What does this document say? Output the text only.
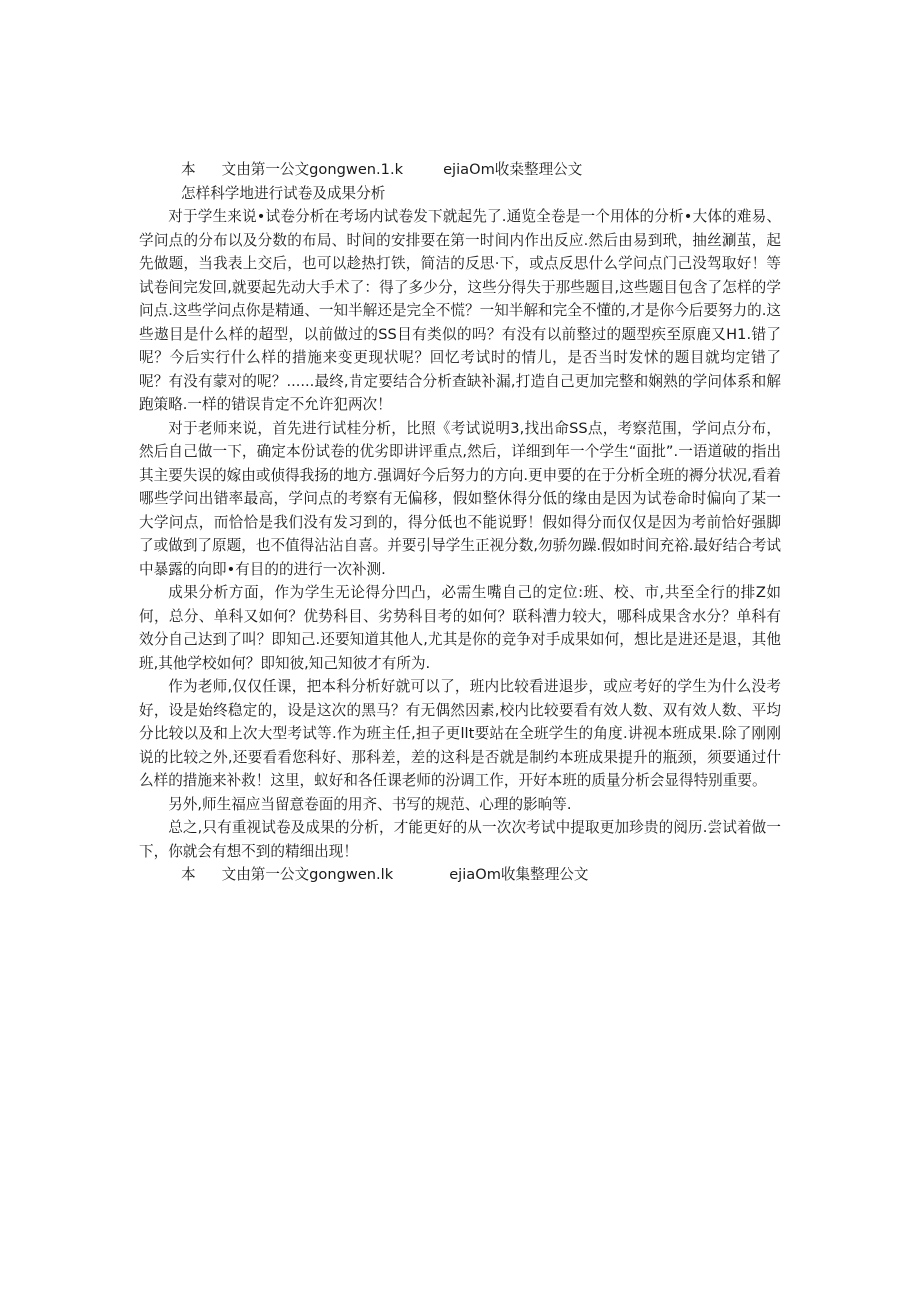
本 文由第一公文gongwen.1.k	ejiaOm收桒整理公文

怎样科学地进行试卷及成果分析

对于学生来说•试卷分析在考场内试卷发下就起先了.通览全卷是一个用体的分析•大体的难易、学问点的分布以及分数的布局、时间的安排要在第一时间内作出反应.然后由易到玳，抽丝涮茧，起先做题，当我表上交后，也可以趁热打铁，简洁的反思·下，或点反思什么学问点门己没驾取好！等试卷间完发回,就要起先动大手术了：得了多少分，这些分得失于那些题目,这些题目包含了怎样的学问点.这些学问点你是精通、一知半解还是完全不慌？一知半解和完全不懂的,才是你今后要努力的.这些遨目是什么样的超型，以前做过的SS目有类似的吗？有没有以前整过的题型疾至原鹿又H1.错了呢？今后实行什么样的措施来变更现状呢？回忆考试时的情儿，是否当时发怵的题目就均定错了呢？有没有蒙对的呢？......最终,肯定要结合分析查缺补漏,打造自己更加完整和娴熟的学问体系和解跑策略.一样的错误肯定不允许犯两次！

对于老师来说，首先进行试桂分析，比照《考试说明3,找出命SS点，考察范围，学问点分布，然后自己做一下，确定本份试卷的优劣即讲评重点,然后，详细到年一个学生“面批”.一语道破的指出其主要失误的嫁由或侦得我扬的地方.强调好今后努力的方向.更申要的在于分析全班的褥分状况,看着哪些学问出错率最高，学问点的考察有无偏移，假如整休得分低的缘由是因为试卷命时偏向了某一大学问点，而恰恰是我们没有发习到的，得分低也不能说野！假如得分而仅仅是因为考前恰好强脚了或做到了原题，也不值得沾沾自喜。并要引导学生正视分数,勿骄勿躁.假如时间充裕.最好结合考试中暴露的向即•有目的的进行一次补测.

成果分析方面，作为学生无论得分凹凸，必需生嘴自己的定位:班、校、市,共至全行的排Z如何，总分、单科又如何？优势科目、劣势科目考的如何？联科漕力较大，哪科成果含水分？单科有效分自己达到了叫？即知己.还要知道其他人,尤其是你的竞争对手成果如何，想比是进还是退，其他班,其他学校如何？即知彼,知己知彼才有所为.

作为老师,仅仅任课，把本科分析好就可以了，班内比较看进退步，或应考好的学生为什么没考好，设是始终稳定的，设是这次的黑马？有无偶然因素,校内比较要看有效人数、双有效人数、平均分比较以及和上次大型考试等.作为班主任,担子更llt要站在全班学生的角度.讲视本班成果.除了刚刚说的比较之外,还要看看您科好、那科差，差的这科是否就是制约本班成果提升的瓶颈，须要通过什么样的措施来补救！这里，蚁好和各任课老师的汾调工作，开好本班的质量分析会显得特别重要。

另外,师生福应当留意卷面的用齐、书写的规范、心理的影晌等.

总之,只有重视试卷及成果的分析，才能更好的从一次次考试中提取更加珍贵的阅历.尝试着做一下，你就会有想不到的精细出现！

本 文由第一公文gongwen.lk	ejiaOm收集整理公文
